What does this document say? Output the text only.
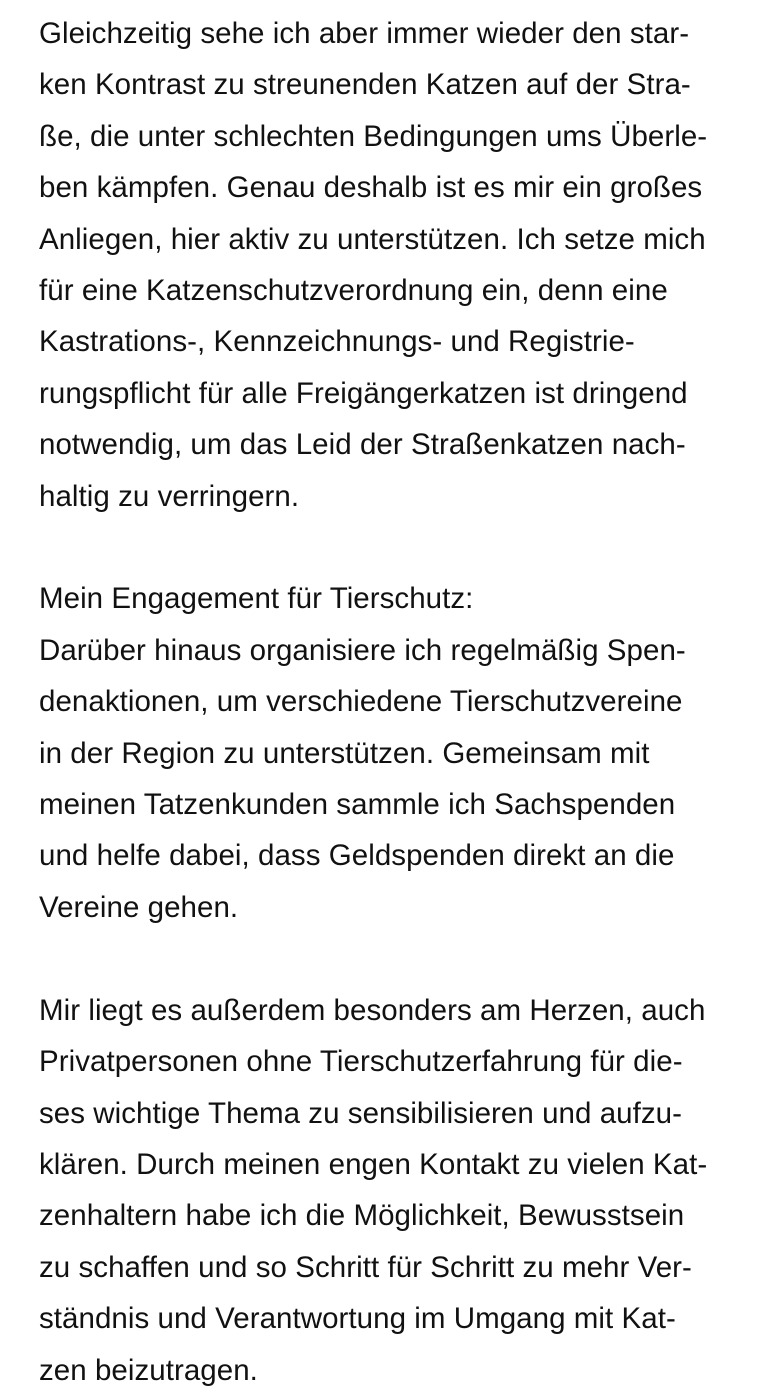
Gleichzeitig sehe ich aber immer wieder den star-
ken Kontrast zu streunenden Katzen auf der Stra-
ße, die unter schlechten Bedingungen ums Überle-
ben kämpfen. Genau deshalb ist es mir ein großes
Anliegen, hier aktiv zu unterstützen. Ich setze mich
für eine Katzenschutzverordnung ein, denn eine
Kastrations-, Kennzeichnungs- und Registrie-
rungspflicht für alle Freigängerkatzen ist dringend
notwendig, um das Leid der Straßenkatzen nach-
haltig zu verringern.

Mein Engagement für Tierschutz:
Darüber hinaus organisiere ich regelmäßig Spen-
denaktionen, um verschiedene Tierschutzvereine
in der Region zu unterstützen. Gemeinsam mit
meinen Tatzenkunden sammle ich Sachspenden
und helfe dabei, dass Geldspenden direkt an die
Vereine gehen.

Mir liegt es außerdem besonders am Herzen, auch
Privatpersonen ohne Tierschutzerfahrung für die-
ses wichtige Thema zu sensibilisieren und aufzu-
klären. Durch meinen engen Kontakt zu vielen Kat-
zenhaltern habe ich die Möglichkeit, Bewusstsein
zu schaffen und so Schritt für Schritt zu mehr Ver-
ständnis und Verantwortung im Umgang mit Kat-
zen beizutragen.
